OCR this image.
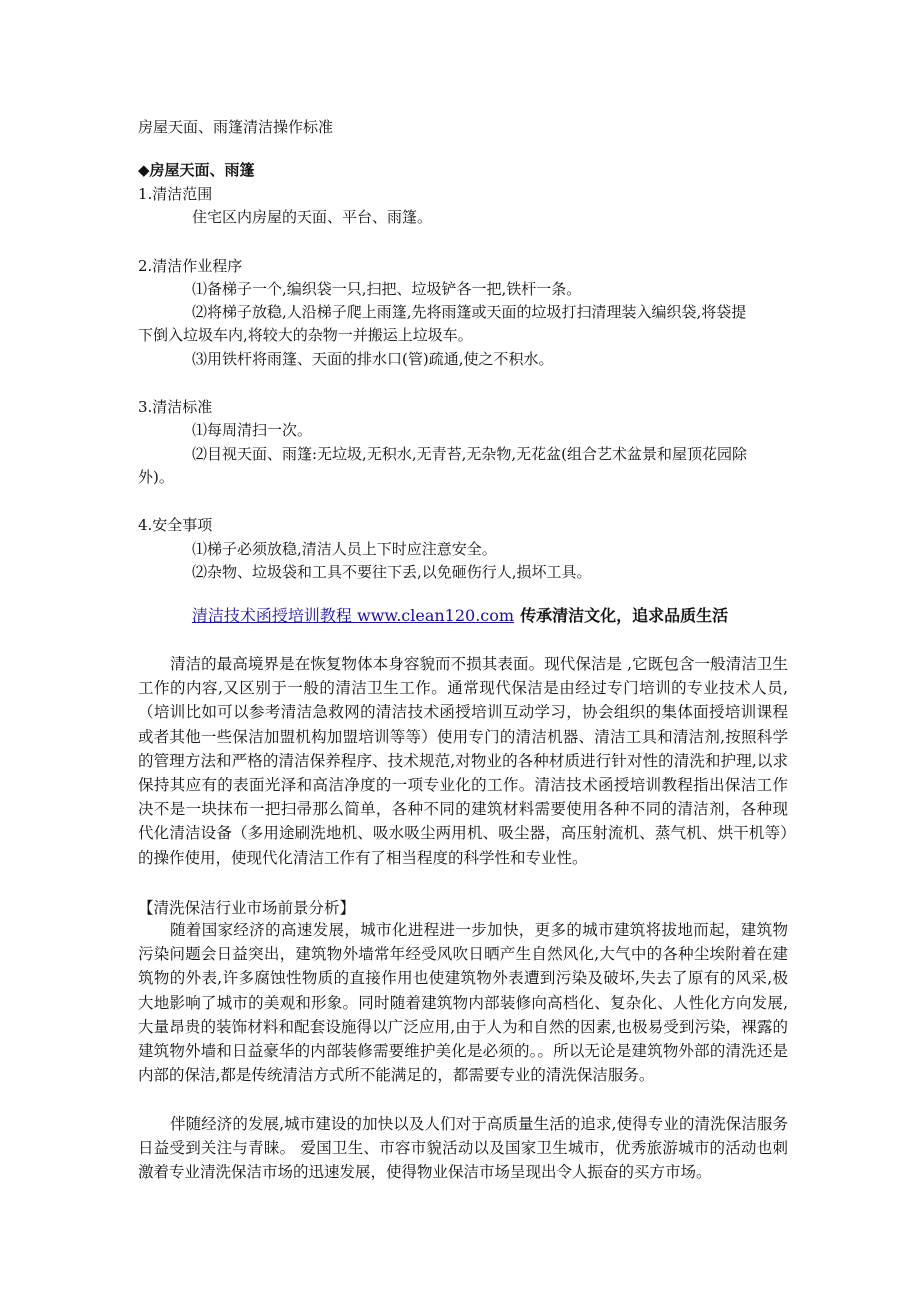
房屋天面、雨篷清洁操作标准
◆房屋天面、雨篷
1.清洁范围
住宅区内房屋的天面、平台、雨篷。
2.清洁作业程序
⑴备梯子一个,编织袋一只,扫把、垃圾铲各一把,铁杆一条。
⑵将梯子放稳,人沿梯子爬上雨篷,先将雨篷或天面的垃圾打扫清理装入编织袋,将袋提
下倒入垃圾车内,将较大的杂物一并搬运上垃圾车。
⑶用铁杆将雨篷、天面的排水口(管)疏通,使之不积水。
3.清洁标准
⑴每周清扫一次。
⑵目视天面、雨篷:无垃圾,无积水,无青苔,无杂物,无花盆(组合艺术盆景和屋顶花园除
外)。
4.安全事项
⑴梯子必须放稳,清洁人员上下时应注意安全。
⑵杂物、垃圾袋和工具不要往下丢,以免砸伤行人,损坏工具。
清洁技术函授培训教程 www.clean120.com 传承清洁文化，追求品质生活
清洁的最高境界是在恢复物体本身容貌而不损其表面。现代保洁是 ,它既包含一般清洁卫生工作的内容,又区别于一般的清洁卫生工作。通常现代保洁是由经过专门培训的专业技术人员,（培训比如可以参考清洁急救网的清洁技术函授培训互动学习，协会组织的集体面授培训课程或者其他一些保洁加盟机构加盟培训等等）使用专门的清洁机器、清洁工具和清洁剂,按照科学的管理方法和严格的清洁保养程序、技术规范,对物业的各种材质进行针对性的清洗和护理,以求保持其应有的表面光泽和高洁净度的一项专业化的工作。清洁技术函授培训教程指出保洁工作决不是一块抹布一把扫帚那么简单，各种不同的建筑材料需要使用各种不同的清洁剂，各种现代化清洁设备（多用途刷洗地机、吸水吸尘两用机、吸尘器，高压射流机、蒸气机、烘干机等）的操作使用，使现代化清洁工作有了相当程度的科学性和专业性。
【清洗保洁行业市场前景分析】
随着国家经济的高速发展，城市化进程进一步加快，更多的城市建筑将拔地而起，建筑物污染问题会日益突出，建筑物外墙常年经受风吹日晒产生自然风化,大气中的各种尘埃附着在建筑物的外表,许多腐蚀性物质的直接作用也使建筑物外表遭到污染及破坏,失去了原有的风采,极大地影响了城市的美观和形象。同时随着建筑物内部装修向高档化、复杂化、人性化方向发展,大量昂贵的装饰材料和配套设施得以广泛应用,由于人为和自然的因素,也极易受到污染，裸露的建筑物外墙和日益豪华的内部装修需要维护美化是必须的。。所以无论是建筑物外部的清洗还是内部的保洁,都是传统清洁方式所不能满足的，都需要专业的清洗保洁服务。
伴随经济的发展,城市建设的加快以及人们对于高质量生活的追求,使得专业的清洗保洁服务日益受到关注与青睐。 爱国卫生、市容市貌活动以及国家卫生城市，优秀旅游城市的活动也刺激着专业清洗保洁市场的迅速发展，使得物业保洁市场呈现出令人振奋的买方市场。
